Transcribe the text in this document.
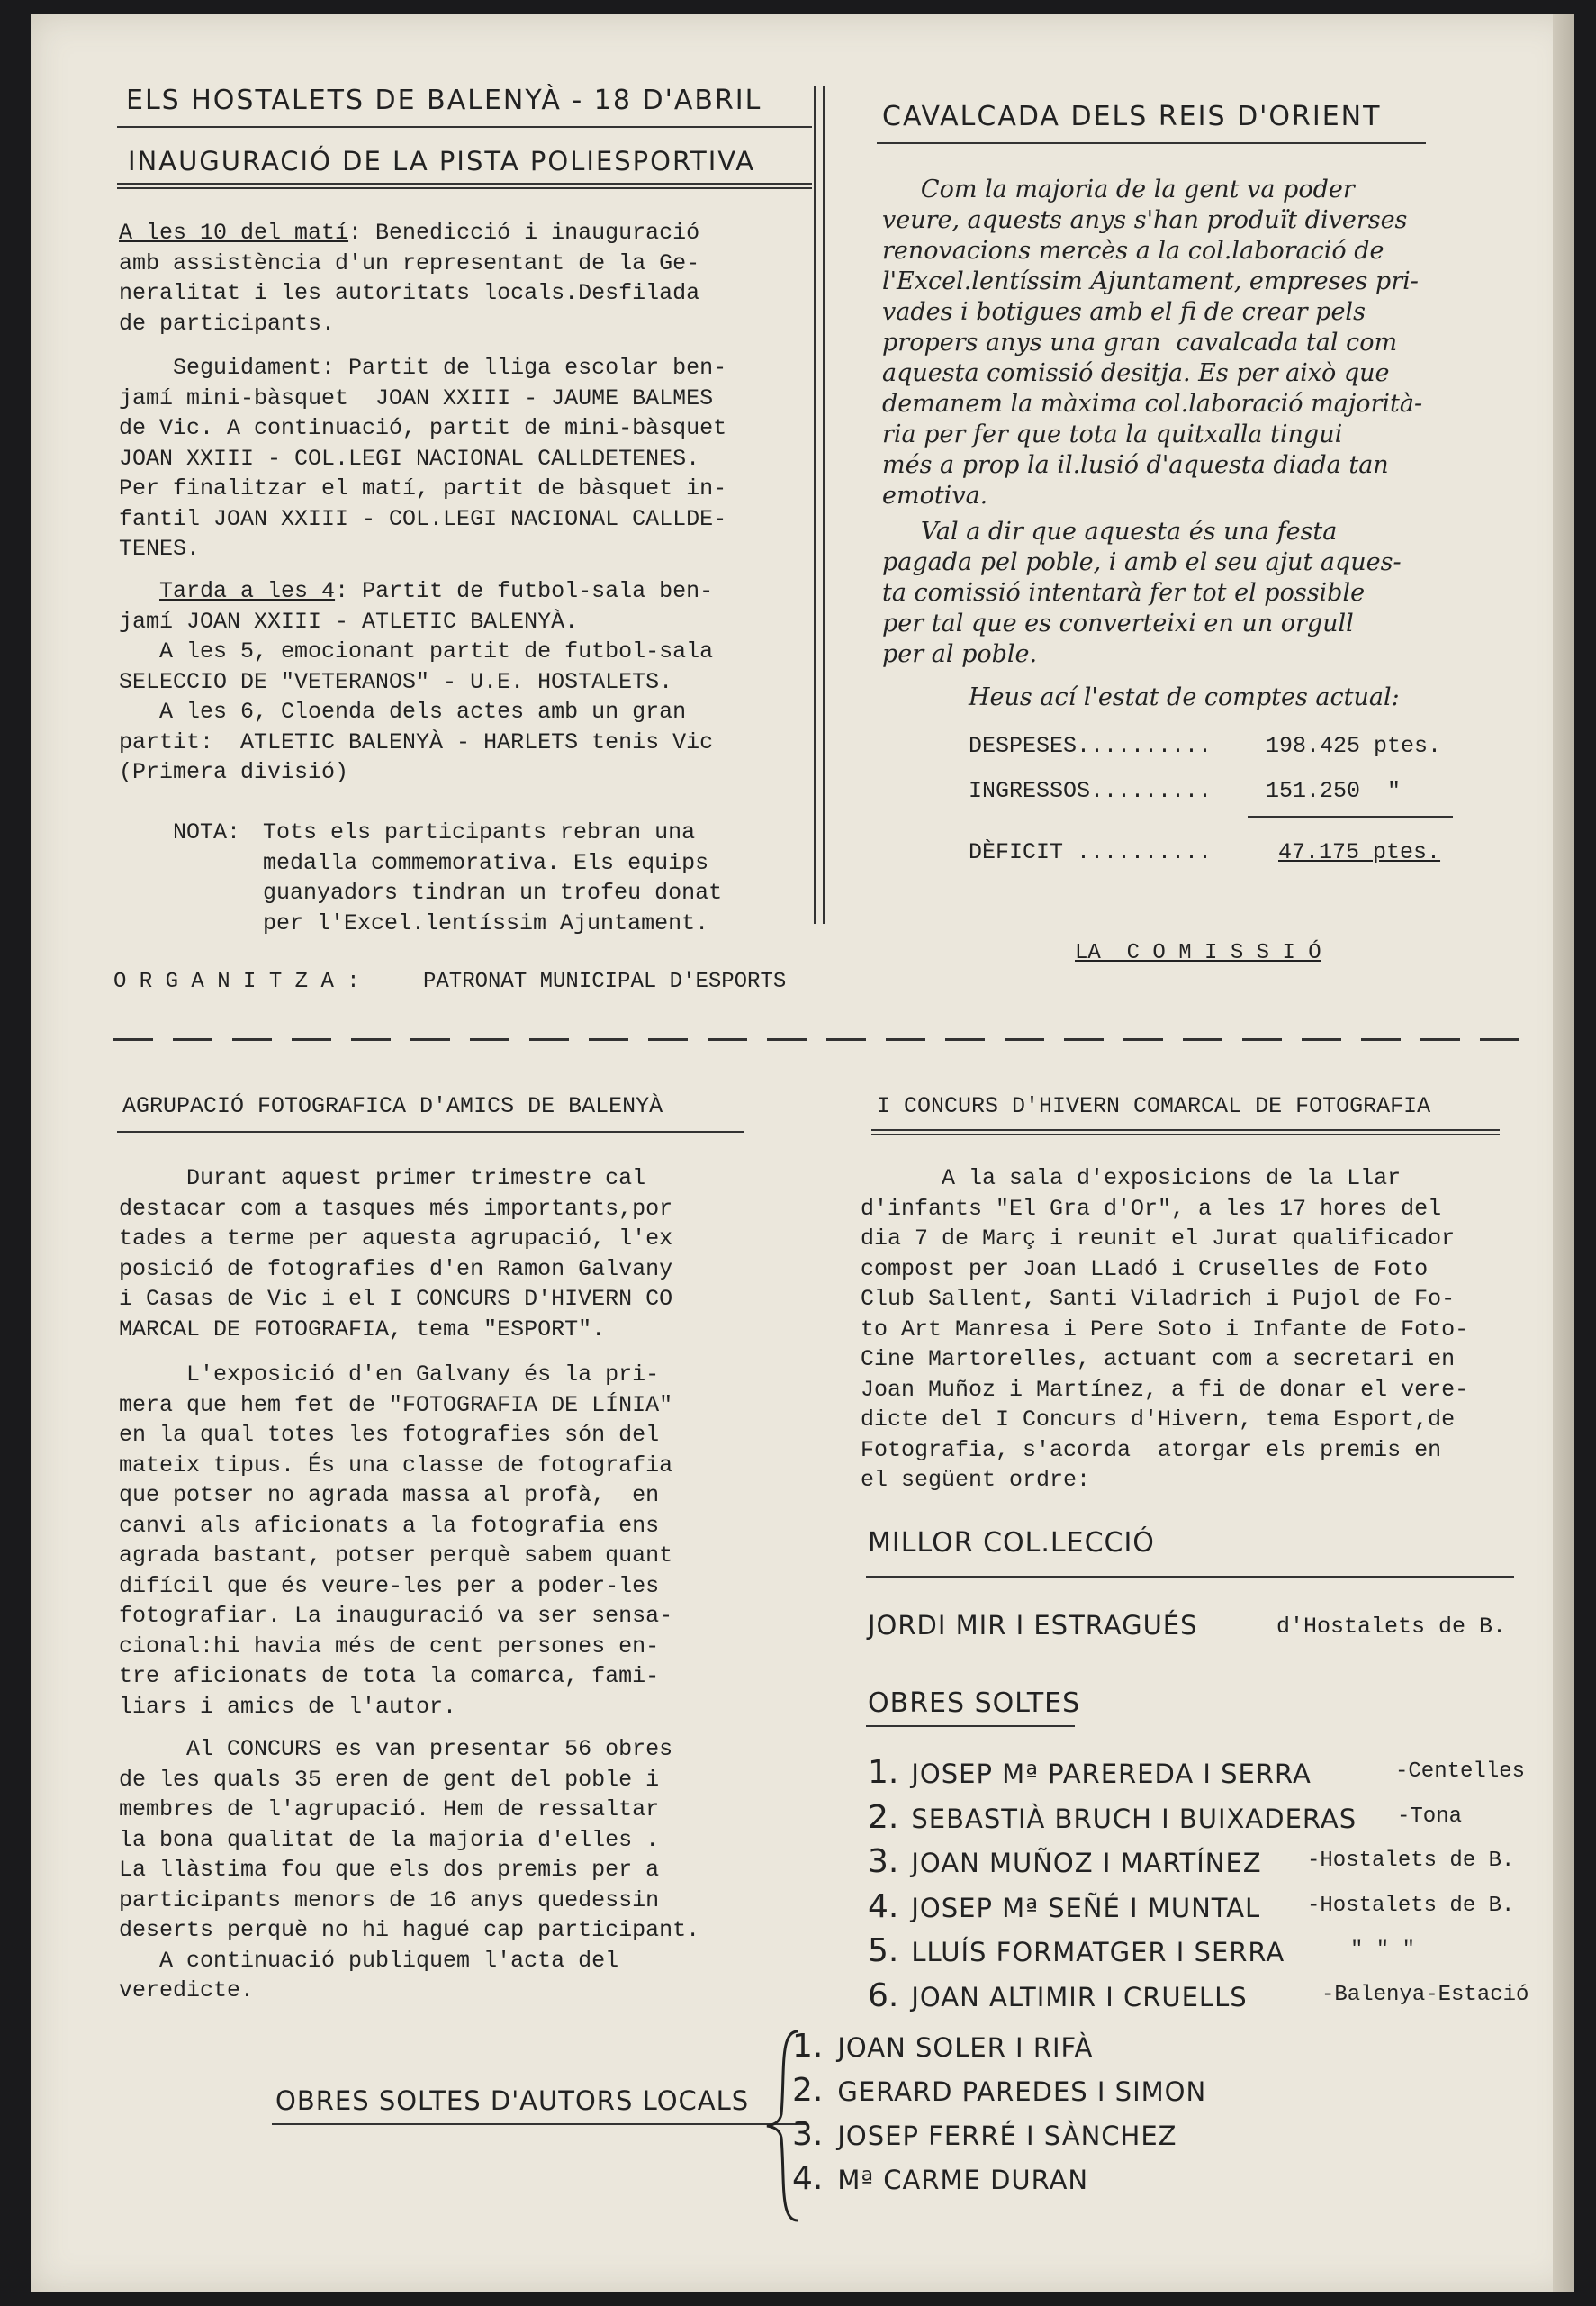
ELS HOSTALETS DE BALENYÀ - 18 D'ABRIL
INAUGURACIÓ DE LA PISTA POLIESPORTIVA
A les 10 del matí: Benedicció i inauguració
amb assistència d'un representant de la Ge-
neralitat i les autoritats locals.Desfilada
de participants.
Seguidament: Partit de lliga escolar ben-
jamí mini-bàsquet  JOAN XXIII - JAUME BALMES
de Vic. A continuació, partit de mini-bàsquet
JOAN XXIII - COL.LEGI NACIONAL CALLDETENES.
Per finalitzar el matí, partit de bàsquet in-
fantil JOAN XXIII - COL.LEGI NACIONAL CALLDE-
TENES.
Tarda a les 4: Partit de futbol-sala ben-
jamí JOAN XXIII - ATLETIC BALENYÀ.
A les 5, emocionant partit de futbol-sala
SELECCIO DE "VETERANOS" - U.E. HOSTALETS.
A les 6, Cloenda dels actes amb un gran
partit:  ATLETIC BALENYÀ - HARLETS tenis Vic
(Primera divisió)
NOTA: Tots els participants rebran una
medalla commemorativa. Els equips
guanyadors tindran un trofeu donat
per l'Excel.lentíssim Ajuntament.
O R G A N I T Z A :	PATRONAT MUNICIPAL D'ESPORTS
CAVALCADA DELS REIS D'ORIENT
Com la majoria de la gent va poder
veure, aquests anys s'han produït diverses
renovacions mercès a la col.laboració de
l'Excel.lentíssim Ajuntament, empreses pri-
vades i botigues amb el fi de crear pels
propers anys una gran  cavalcada tal com
aquesta comissió desitja. Es per això que
demanem la màxima col.laboració majorità-
ria per fer que tota la quitxalla tingui
més a prop la il.lusió d'aquesta diada tan
emotiva.
Val a dir que aquesta és una festa
pagada pel poble, i amb el seu ajut aques-
ta comissió intentarà fer tot el possible
per tal que es converteixi en un orgull
per al poble.
Heus ací l'estat de comptes actual:
DESPESES.......... 198.425 ptes.
INGRESSOS......... 151.250  "
DÈFICIT ..........	47.175 ptes.
LA  C O M I S S I Ó
AGRUPACIÓ FOTOGRAFICA D'AMICS DE BALENYÀ
Durant aquest primer trimestre cal
destacar com a tasques més importants,por
tades a terme per aquesta agrupació, l'ex
posició de fotografies d'en Ramon Galvany
i Casas de Vic i el I CONCURS D'HIVERN CO
MARCAL DE FOTOGRAFIA, tema "ESPORT".
L'exposició d'en Galvany és la pri-
mera que hem fet de "FOTOGRAFIA DE LÍNIA"
en la qual totes les fotografies són del
mateix tipus. És una classe de fotografia
que potser no agrada massa al profà,  en
canvi als aficionats a la fotografia ens
agrada bastant, potser perquè sabem quant
difícil que és veure-les per a poder-les
fotografiar. La inauguració va ser sensa-
cional:hi havia més de cent persones en-
tre aficionats de tota la comarca, fami-
liars i amics de l'autor.
Al CONCURS es van presentar 56 obres
de les quals 35 eren de gent del poble i
membres de l'agrupació. Hem de ressaltar
la bona qualitat de la majoria d'elles .
La llàstima fou que els dos premis per a
participants menors de 16 anys quedessin
deserts perquè no hi hagué cap participant.
A continuació publiquem l'acta del
veredicte.
OBRES SOLTES D'AUTORS LOCALS
I CONCURS D'HIVERN COMARCAL DE FOTOGRAFIA
A la sala d'exposicions de la Llar
d'infants "El Gra d'Or", a les 17 hores del
dia 7 de Març i reunit el Jurat qualificador
compost per Joan LLadó i Cruselles de Foto
Club Sallent, Santi Viladrich i Pujol de Fo-
to Art Manresa i Pere Soto i Infante de Foto-
Cine Martorelles, actuant com a secretari en
Joan Muñoz i Martínez, a fi de donar el vere-
dicte del I Concurs d'Hivern, tema Esport,de
Fotografia, s'acorda  atorgar els premis en
el següent ordre:
MILLOR COL.LECCIÓ
JORDI MIR I ESTRAGUÉS	d'Hostalets de B.
OBRES SOLTES
1. JOSEP Mª PAREREDA I SERRA	-Centelles
2. SEBASTIÀ BRUCH I BUIXADERAS -Tona
3. JOAN MUÑOZ I MARTÍNEZ -Hostalets de B.
4. JOSEP Mª SEÑÉ I MUNTAL -Hostalets de B.
5. LLUÍS FORMATGER I SERRA	" " "
6. JOAN ALTIMIR I CRUELLS	-Balenya-Estació
1. JOAN SOLER I RIFÀ
2. GERARD PAREDES I SIMON
3. JOSEP FERRÉ I SÀNCHEZ
4. Mª CARME DURAN
